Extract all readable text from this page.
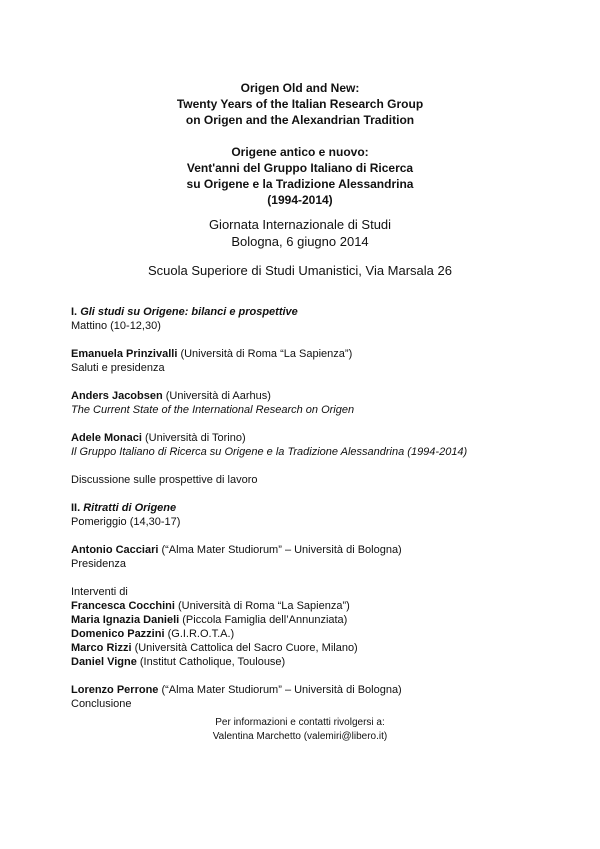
Origen Old and New:
Twenty Years of the Italian Research Group
on Origen and the Alexandrian Tradition
Origene antico e nuovo:
Vent'anni del Gruppo Italiano di Ricerca
su Origene e la Tradizione Alessandrina
(1994-2014)
Giornata Internazionale di Studi
Bologna, 6 giugno 2014
Scuola Superiore di Studi Umanistici, Via Marsala 26
I. Gli studi su Origene: bilanci e prospettive
Mattino (10-12,30)
Emanuela Prinzivalli (Università di Roma “La Sapienza”)
Saluti e presidenza
Anders Jacobsen (Università di Aarhus)
The Current State of the International Research on Origen
Adele Monaci (Università di Torino)
Il Gruppo Italiano di Ricerca su Origene e la Tradizione Alessandrina (1994-2014)
Discussione sulle prospettive di lavoro
II. Ritratti di Origene
Pomeriggio (14,30-17)
Antonio Cacciari (“Alma Mater Studiorum” – Università di Bologna)
Presidenza
Interventi di
Francesca Cocchini (Università di Roma “La Sapienza”)
Maria Ignazia Danieli (Piccola Famiglia dell’Annunziata)
Domenico Pazzini (G.I.R.O.T.A.)
Marco Rizzi (Università Cattolica del Sacro Cuore, Milano)
Daniel Vigne (Institut Catholique, Toulouse)
Lorenzo Perrone (“Alma Mater Studiorum” – Università di Bologna)
Conclusione
Per informazioni e contatti rivolgersi a:
Valentina Marchetto (valemiri@libero.it)
